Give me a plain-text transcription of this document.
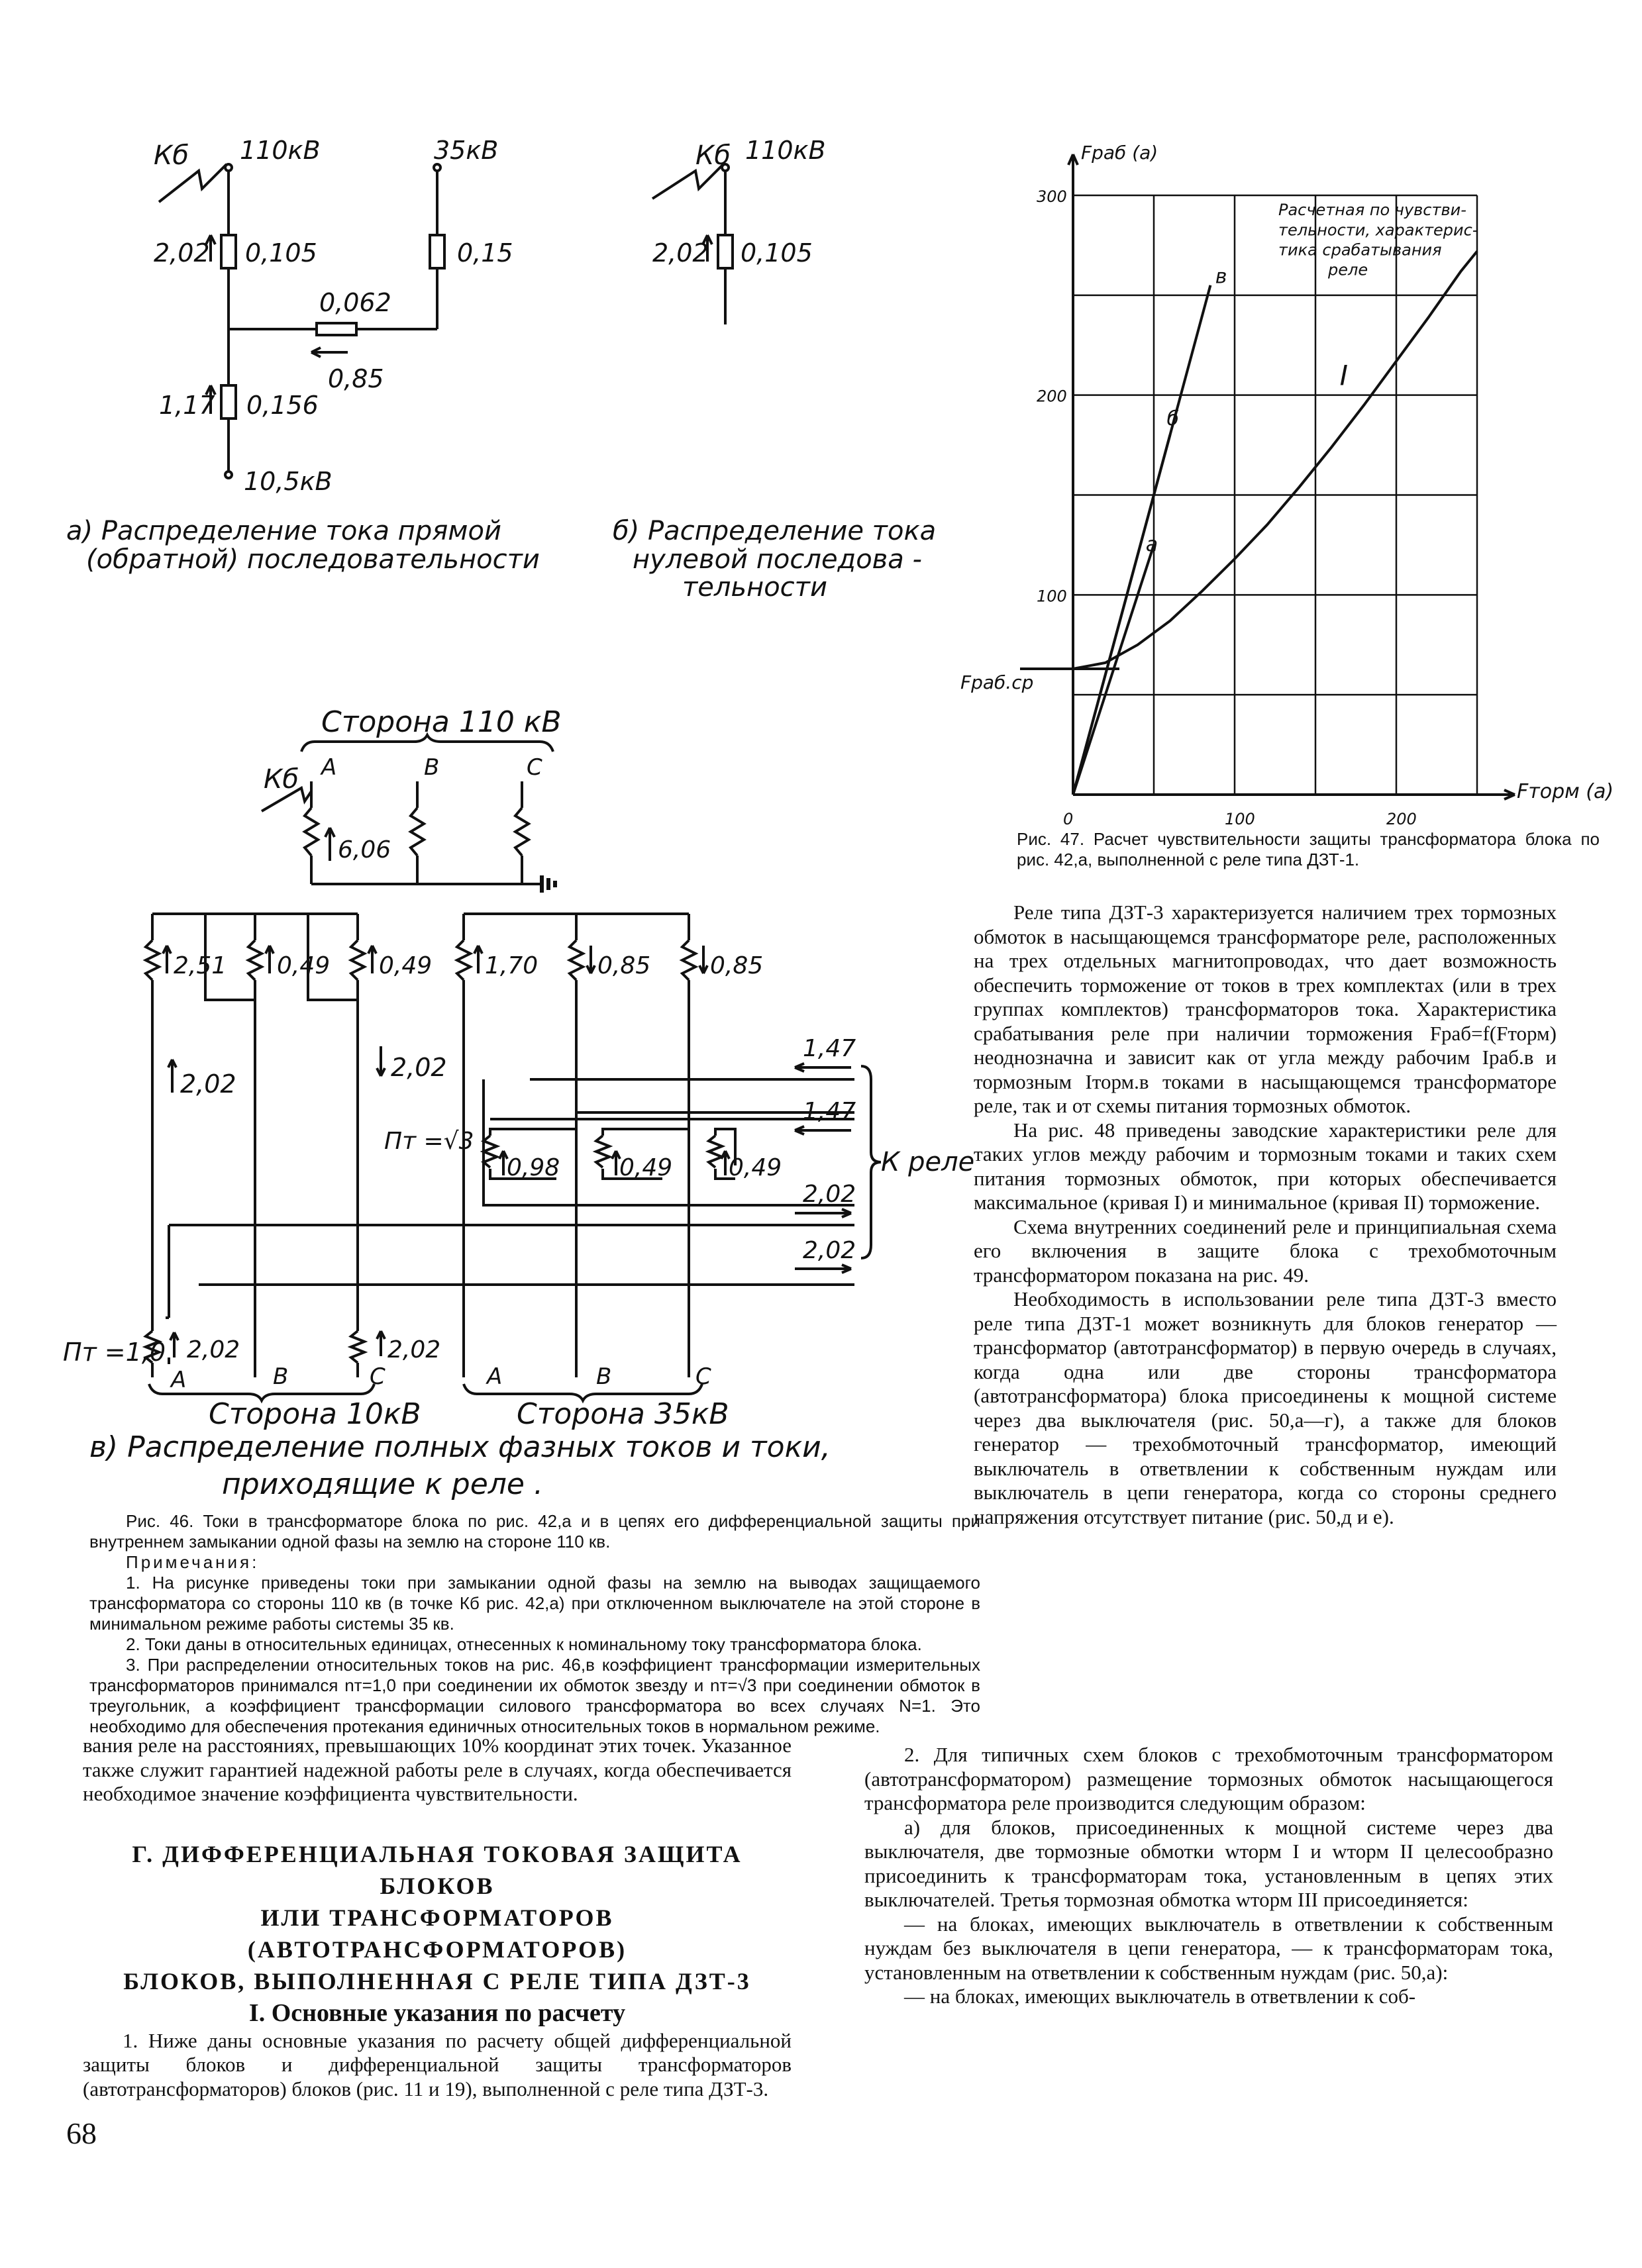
Кб 110кВ	35кВ
2,02 0,105	0,15
0,062
0,85
1,17 0,156
10,5кВ
а) Распределение тока прямой
(обратной) последовательности
Кб 110кВ
2,02 0,105
б) Распределение тока
нулевой последова -
тельности	100
200
300
0	100	200
Fраб (а)
Fторм (а)
Fраб.ср
Расчетная по чувстви-
тельности, характерис-
тика срабатывания
реле
I
а
б
в
Рис. 47. Расчет чувствительности защиты трансформатора блока по рис. 42,а, выполненной с реле типа ДЗТ-1.
Сторона 110 кВ
Кб A	B	C
6,06
2,51 0,49 0,49 1,70 0,85 0,85
2,02
2,02
Пт =√3
0,98 0,49 0,49
1,47
1,47
2,02
2,02
К реле
Пт =1,0 2,02	2,02
A	B	C	A	B	C
Сторона 10кВ	Сторона 35кВ
в) Распределение полных фазных токов и токи,
приходящие к реле .
Рис. 46. Токи в трансформаторе блока по рис. 42,а и в цепях его дифференциальной защиты при внутреннем замыкании одной фазы на землю на стороне 110 кв.
Примечания:
1. На рисунке приведены токи при замыкании одной фазы на землю на выводах защищаемого трансформатора со стороны 110 кв (в точке Кб рис. 42,а) при отключенном выключателе на этой стороне в минимальном режиме работы системы 35 кв.
2. Токи даны в относительных единицах, отнесенных к номинальному току трансформатора блока.
3. При распределении относительных токов на рис. 46,в коэффициент трансформации измерительных трансформаторов принимался nт=1,0 при соединении их обмоток звезду и nт=√3 при соединении обмоток в треугольник, а коэффициент трансформации силового трансформатора во всех случаях N=1. Это необходимо для обеспечения протекания единичных относительных токов в нормальном режиме.

Реле типа ДЗТ-3 характеризуется наличием трех тормозных обмоток в насыщающемся трансформаторе реле, расположенных на трех отдельных магнитопроводах, что дает возможность обеспечить торможение от токов в трех комплектах (или в трех группах комплектов) трансформаторов тока. Характеристика срабатывания реле при наличии торможения Fраб=f(Fторм) неоднозначна и завиcит как от угла между рабочим Iраб.в и тормозным Iторм.в токами в насыщающемся трансформаторе реле, так и от схемы питания тормозных обмоток.

На рис. 48 приведены заводские характеристики реле для таких углов между рабочим и тормозным токами и таких схем питания тормозных обмоток, при которых обеспечивается максимальное (кривая I) и минимальное (кривая II) торможение.

Схема внутренних соединений реле и принципиальная схема его включения в защите блока с трехобмоточным трансформатором показана на рис. 49.

Необходимость в использовании реле типа ДЗТ-3 вместо реле типа ДЗТ-1 может возникнуть для блоков генератор — трансформатор (автотрансформатор) в первую очередь в случаях, когда одна или две стороны трансформатора (автотрансформатора) блока присоединены к мощной системе через два выключателя (рис. 50,а—г), а также для блоков генератор — трехобмоточный трансформатор, имеющий выключатель в ответвлении к собственным нуждам или выключатель в цепи генератора, когда со стороны среднего напряжения отсутствует питание (рис. 50,д и е).

2. Для типичных схем блоков с трехобмоточным трансформатором (автотрансформатором) размещение тормозных обмоток насыщающегося трансформатора реле производится следующим образом:

а) для блоков, присоединенных к мощной системе через два выключателя, две тормозные обмотки wторм I и wторм II целесообразно присоединить к трансформаторам тока, установленным в цепях этих выключателей. Третья тормозная обмотка wторм III присоединяется:

— на блоках, имеющих выключатель в ответвлении к собственным нуждам без выключателя в цепи генератора, — к трансформаторам тока, установленным на ответвлении к собственным нуждам (рис. 50,а):

— на блоках, имеющих выключатель в ответвлении к соб-

вания реле на расстояниях, превышающих 10% координат этих точек. Указанное также служит гарантией надежной работы реле в случаях, когда обеспечивается необходимое значение коэффициента чувствительности.

Г. ДИФФЕРЕНЦИАЛЬНАЯ ТОКОВАЯ ЗАЩИТА БЛОКОВ
ИЛИ ТРАНСФОРМАТОРОВ (АВТОТРАНСФОРМАТОРОВ)
БЛОКОВ, ВЫПОЛНЕННАЯ С РЕЛЕ ТИПА ДЗТ-3
I. Основные указания по расчету

1. Ниже даны основные указания по расчету общей дифференциальной защиты блоков и дифференциальной защиты трансформаторов (автотрансформаторов) блоков (рис. 11 и 19), выполненной с реле типа ДЗТ-3.

68
